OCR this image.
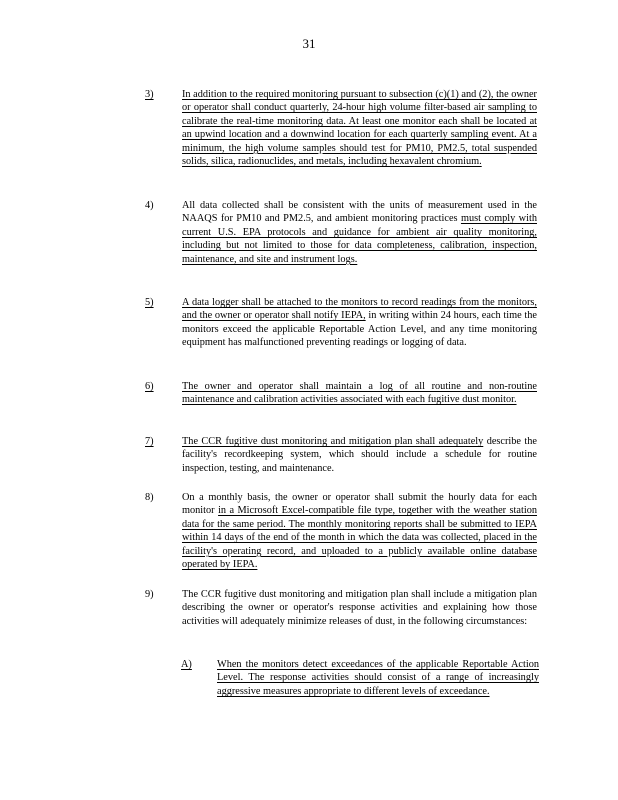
31
3)	In addition to the required monitoring pursuant to subsection (c)(1) and (2), the owner or operator shall conduct quarterly, 24-hour high volume filter-based air sampling to calibrate the real-time monitoring data. At least one monitor each shall be located at an upwind location and a downwind location for each quarterly sampling event. At a minimum, the high volume samples should test for PM10, PM2.5, total suspended solids, silica, radionuclides, and metals, including hexavalent chromium.
4)	All data collected shall be consistent with the units of measurement used in the NAAQS for PM10 and PM2.5, and ambient monitoring practices must comply with current U.S. EPA protocols and guidance for ambient air quality monitoring, including but not limited to those for data completeness, calibration, inspection, maintenance, and site and instrument logs.
5)	A data logger shall be attached to the monitors to record readings from the monitors, and the owner or operator shall notify IEPA, in writing within 24 hours, each time the monitors exceed the applicable Reportable Action Level, and any time monitoring equipment has malfunctioned preventing readings or logging of data.
6)	The owner and operator shall maintain a log of all routine and non-routine maintenance and calibration activities associated with each fugitive dust monitor.
7)	The CCR fugitive dust monitoring and mitigation plan shall adequately describe the facility's recordkeeping system, which should include a schedule for routine inspection, testing, and maintenance.
8)	On a monthly basis, the owner or operator shall submit the hourly data for each monitor in a Microsoft Excel-compatible file type, together with the weather station data for the same period. The monthly monitoring reports shall be submitted to IEPA within 14 days of the end of the month in which the data was collected, placed in the facility's operating record, and uploaded to a publicly available online database operated by IEPA.
9)	The CCR fugitive dust monitoring and mitigation plan shall include a mitigation plan describing the owner or operator's response activities and explaining how those activities will adequately minimize releases of dust, in the following circumstances:
A)	When the monitors detect exceedances of the applicable Reportable Action Level. The response activities should consist of a range of increasingly aggressive measures appropriate to different levels of exceedance.
